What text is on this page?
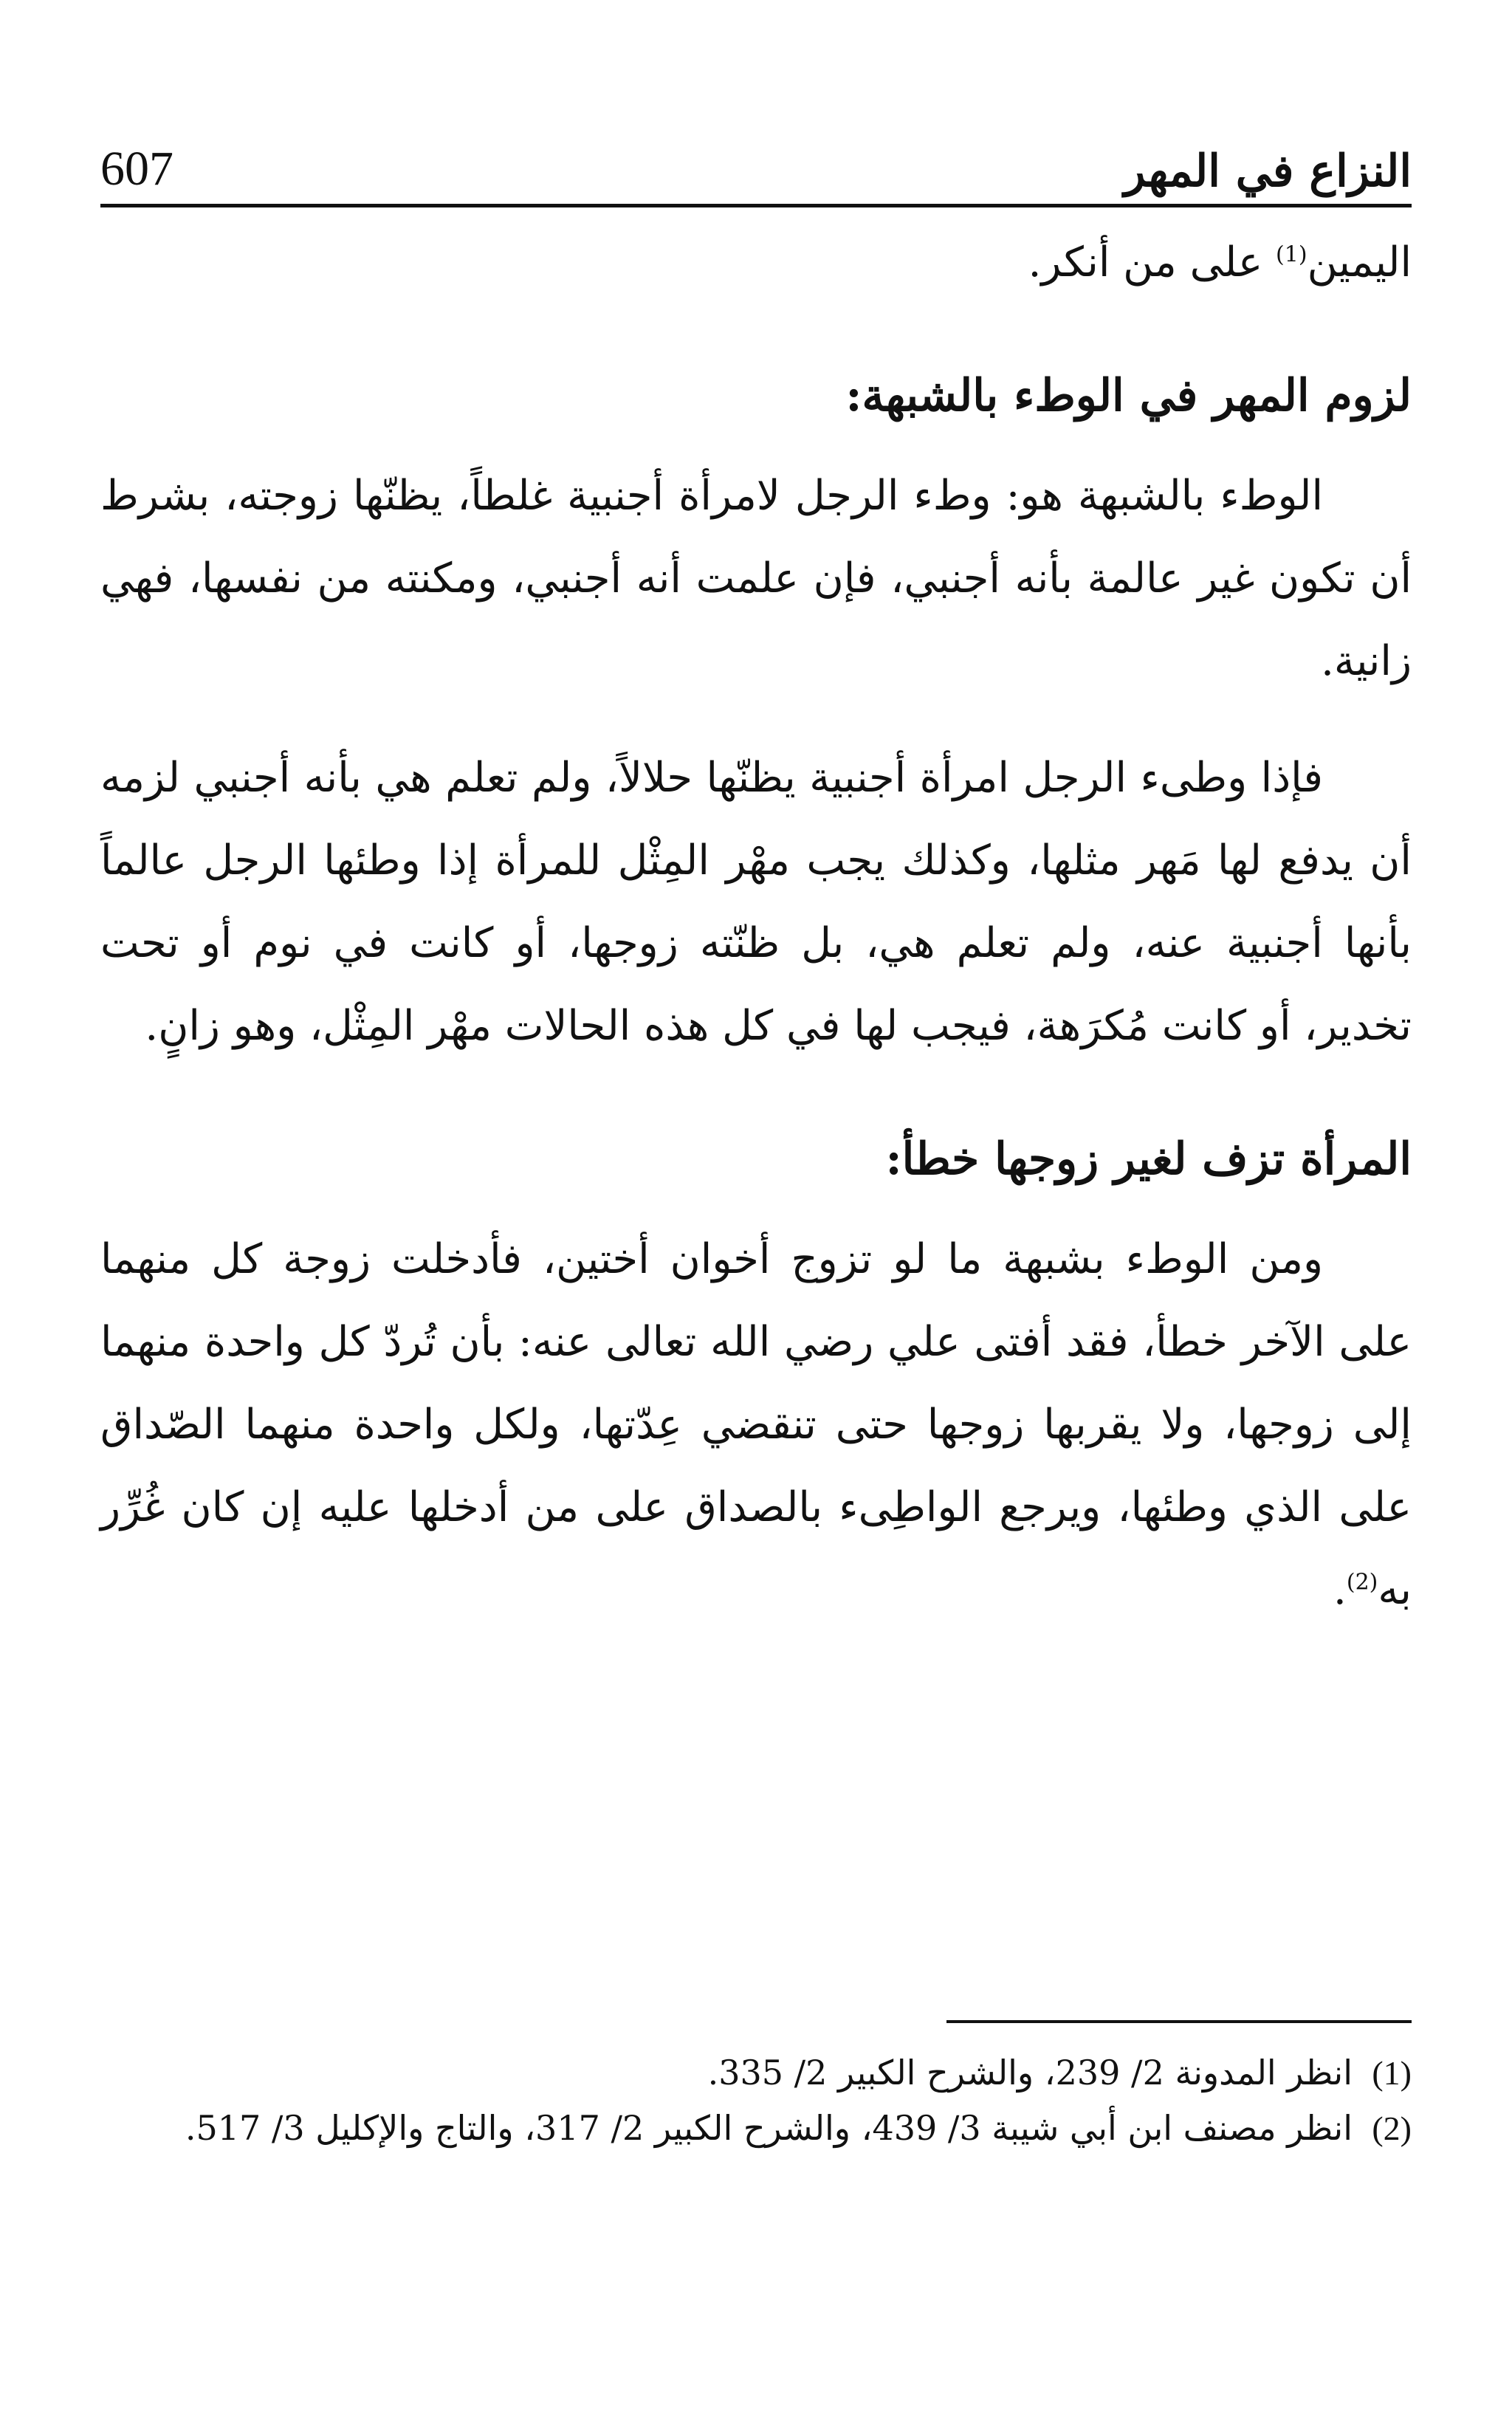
607	النزاع في المهر

اليمين$^{(1)}$ على من أنكر.

لزوم المهر في الوطء بالشبهة:

الوطء بالشبهة هو: وطء الرجل لامرأة أجنبية غلطاً، يظنّها زوجته، بشرط أن تكون غير عالمة بأنه أجنبي، فإن علمت أنه أجنبي، ومكنته من نفسها، فهي زانية.

فإذا وطىء الرجل امرأة أجنبية يظنّها حلالاً، ولم تعلم هي بأنه أجنبي لزمه أن يدفع لها مَهر مثلها، وكذلك يجب مهْر المِثْل للمرأة إذا وطئها الرجل عالماً بأنها أجنبية عنه، ولم تعلم هي، بل ظنّته زوجها، أو كانت في نوم أو تحت تخدير، أو كانت مُكرَهة، فيجب لها في كل هذه الحالات مهْر المِثْل، وهو زانٍ.

المرأة تزف لغير زوجها خطأ:

ومن الوطء بشبهة ما لو تزوج أخوان أختين، فأدخلت زوجة كل منهما على الآخر خطأ، فقد أفتى علي رضي الله تعالى عنه: بأن تُردّ كل واحدة منهما إلى زوجها، ولا يقربها زوجها حتى تنقضي عِدّتها، ولكل واحدة منهما الصّداق على الذي وطئها، ويرجع الواطِىء بالصداق على من أدخلها عليه إن كان غُرِّر به$^{(2)}$.

(1)انظر المدونة 2/ 239، والشرح الكبير 2/ 335.

(2)انظر مصنف ابن أبي شيبة 3/ 439، والشرح الكبير 2/ 317، والتاج والإكليل 3/ 517.
